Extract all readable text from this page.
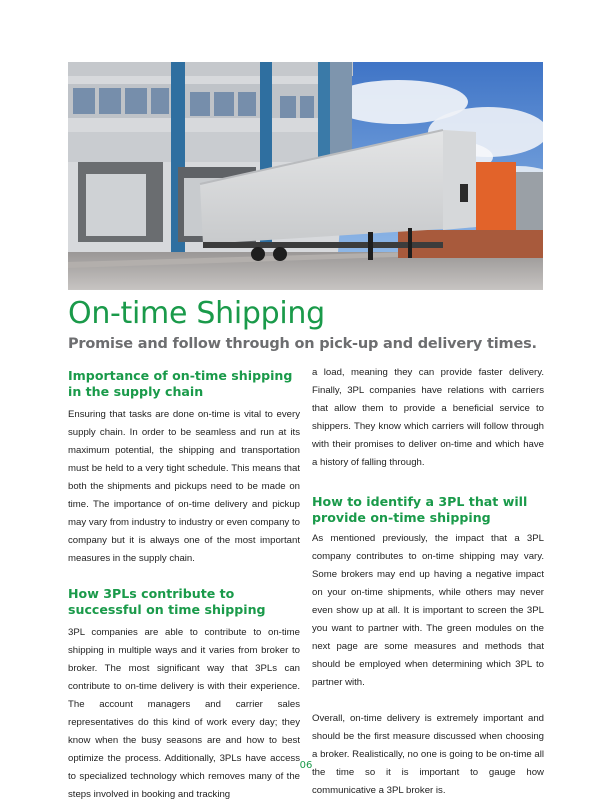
On-time Shipping
Promise and follow through on pick-up and delivery times.
Importance of on-time shipping in the supply chain

Ensuring that tasks are done on-time is vital to every supply chain. In order to be seamless and run at its maximum potential, the shipping and transportation must be held to a very tight schedule. This means that both the shipments and pickups need to be made on time. The importance of on-time delivery and pickup may vary from industry to industry or even company to company but it is always one of the most important measures in the supply chain.

How 3PLs contribute to successful on time shipping

3PL companies are able to contribute to on-time shipping in multiple ways and it varies from broker to broker. The most significant way that 3PLs can contribute to on-time delivery is with their experience. The account managers and carrier sales representatives do this kind of work every day; they know when the busy seasons are and how to best optimize the process. Additionally, 3PLs have access to specialized technology which removes many of the steps involved in booking and tracking

a load, meaning they can provide faster delivery. Finally, 3PL companies have relations with carriers that allow them to provide a beneficial service to shippers. They know which carriers will follow through with their promises to deliver on-time and which have a history of falling through.

How to identify a 3PL that will provide on-time shipping

As mentioned previously, the impact that a 3PL company contributes to on-time shipping may vary. Some brokers may end up having a negative impact on your on-time shipments, while others may never even show up at all. It is important to screen the 3PL you want to partner with. The green modules on the next page are some measures and methods that should be employed when determining which 3PL to partner with.

Overall, on-time delivery is extremely important and should be the first measure discussed when choosing a broker. Realistically, no one is going to be on-time all the time so it is important to gauge how communicative a 3PL broker is.

06
